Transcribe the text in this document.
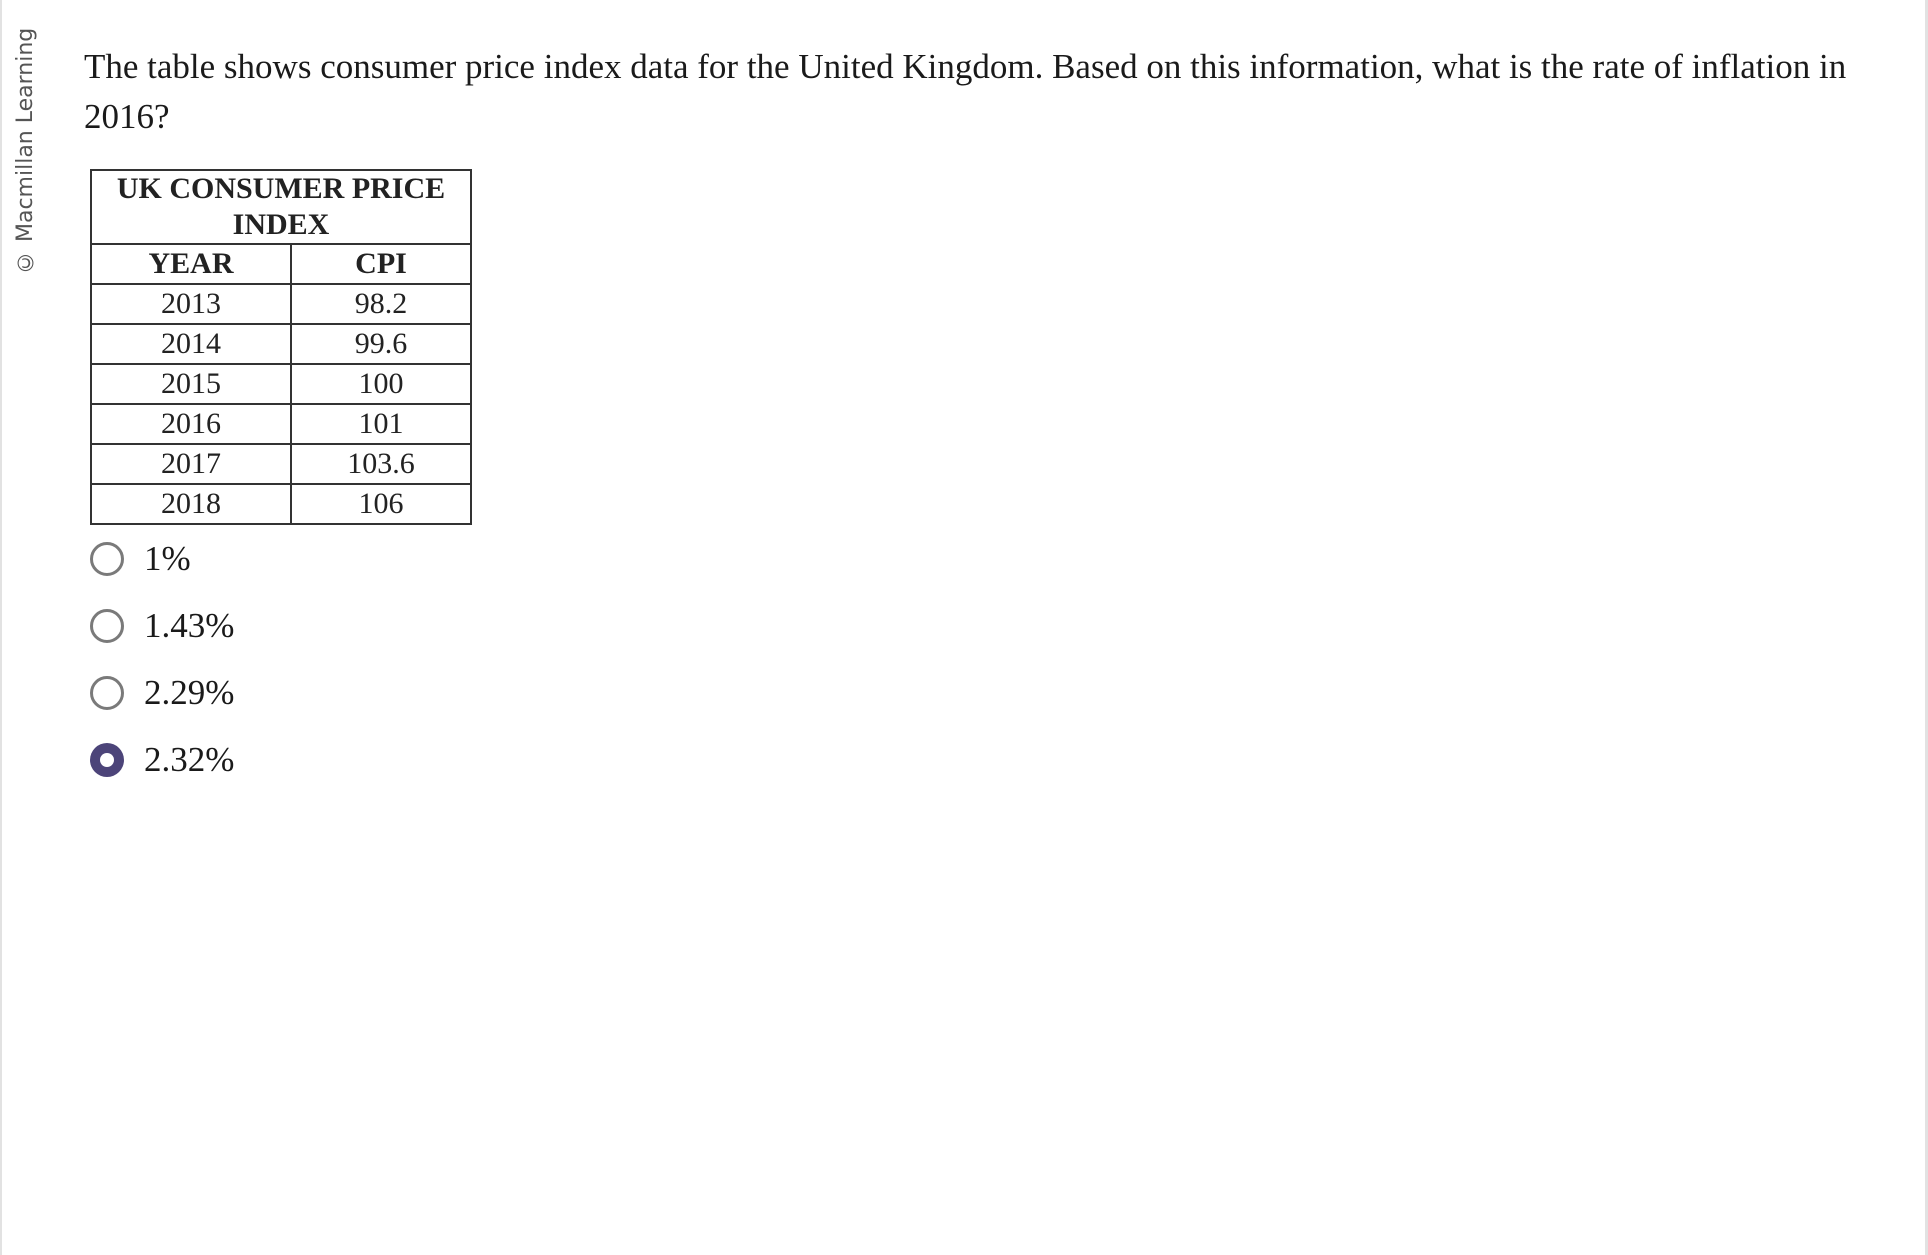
© Macmillan Learning The table shows consumer price index data for the United Kingdom. Based on this information, what is the rate of inflation in 2016?

UK CONSUMER PRICE INDEX	
YEAR	CPI
2013	98.2
2014	99.6
2015	100
2016	101
2017	103.6
2018	106
1%
1.43%
2.29%
2.32%
